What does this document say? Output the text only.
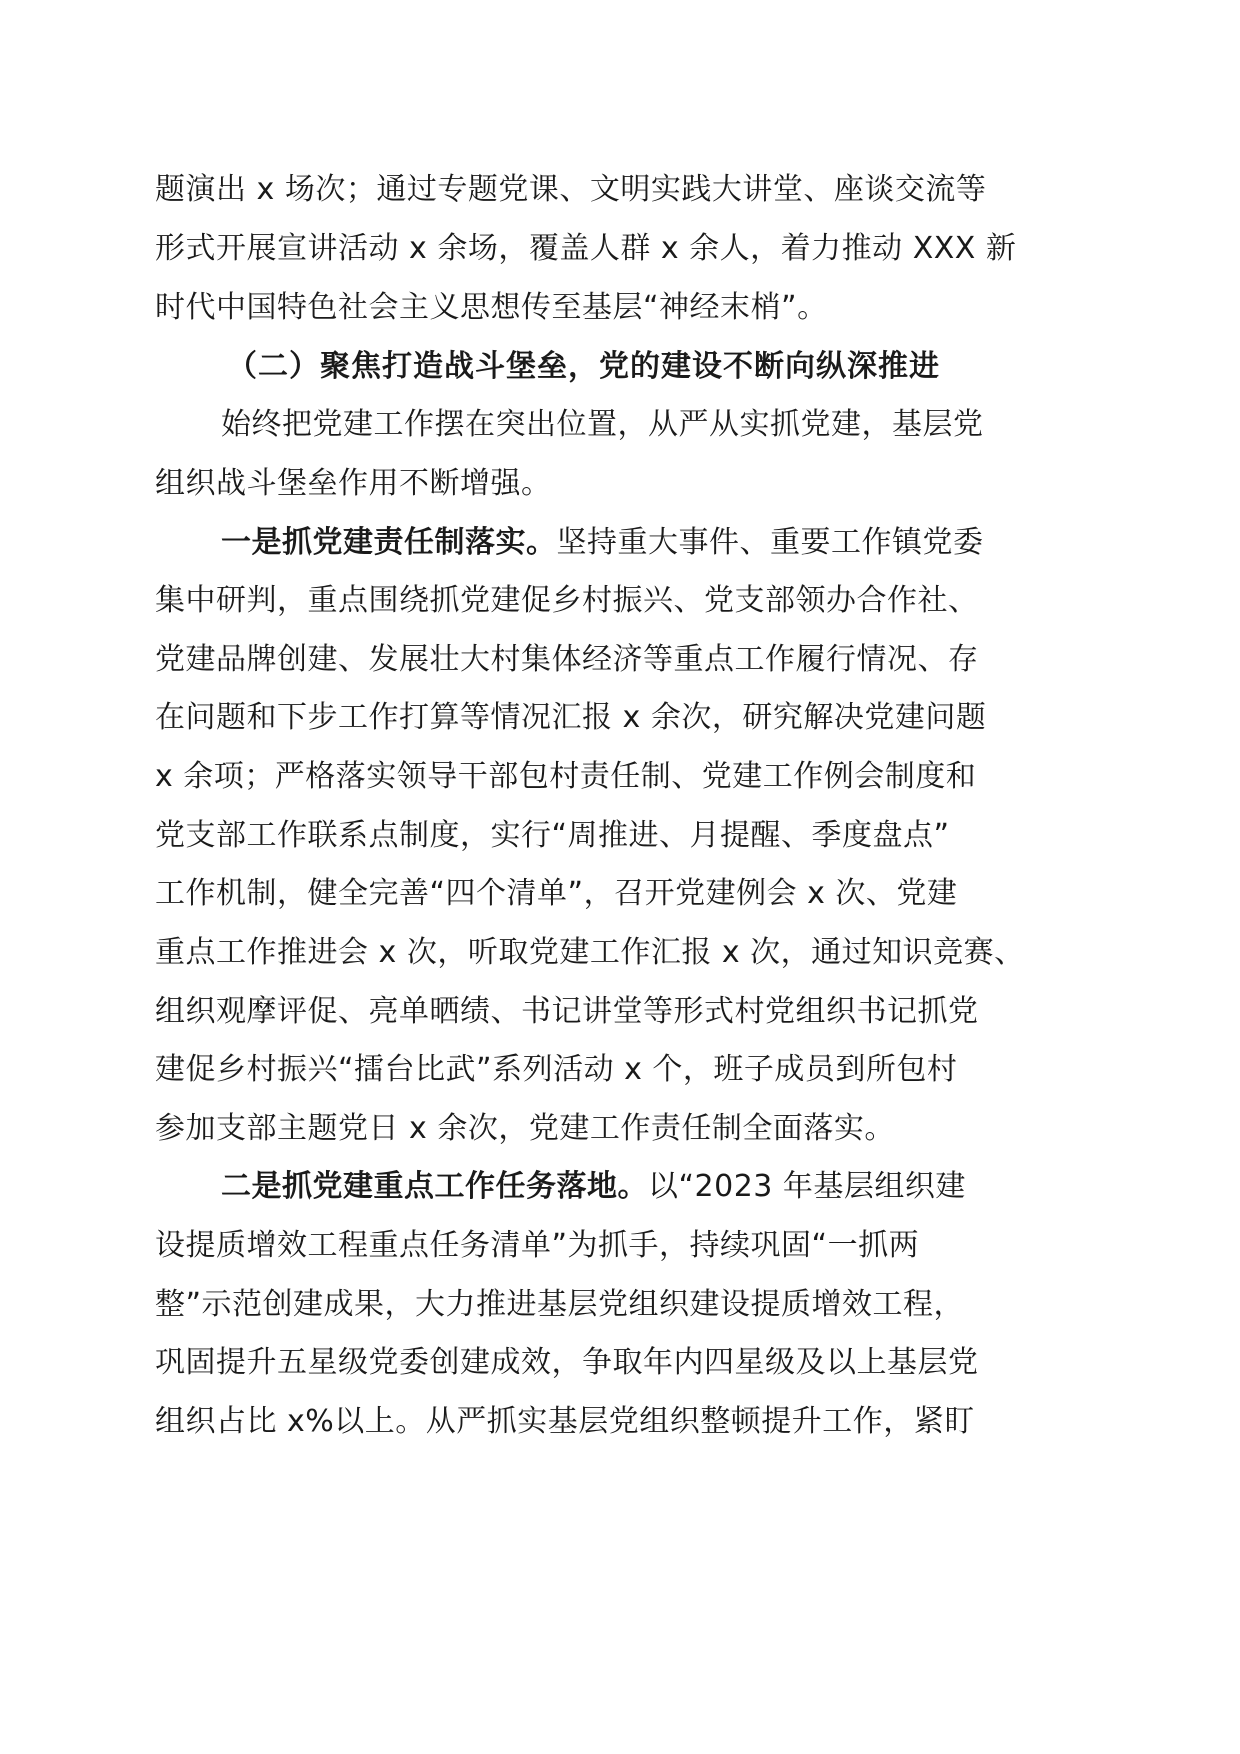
题演出 x 场次；通过专题党课、文明实践大讲堂、座谈交流等
形式开展宣讲活动 x 余场，覆盖人群 x 余人，着力推动 XXX 新
时代中国特色社会主义思想传至基层“神经末梢”。
（二）聚焦打造战斗堡垒，党的建设不断向纵深推进
始终把党建工作摆在突出位置，从严从实抓党建，基层党
组织战斗堡垒作用不断增强。
一是抓党建责任制落实。坚持重大事件、重要工作镇党委
集中研判，重点围绕抓党建促乡村振兴、党支部领办合作社、
党建品牌创建、发展壮大村集体经济等重点工作履行情况、存
在问题和下步工作打算等情况汇报 x 余次，研究解决党建问题
x 余项；严格落实领导干部包村责任制、党建工作例会制度和
党支部工作联系点制度，实行“周推进、月提醒、季度盘点”
工作机制，健全完善“四个清单”，召开党建例会 x 次、党建
重点工作推进会 x 次，听取党建工作汇报 x 次，通过知识竞赛、
组织观摩评促、亮单晒绩、书记讲堂等形式村党组织书记抓党
建促乡村振兴“擂台比武”系列活动 x 个，班子成员到所包村
参加支部主题党日 x 余次，党建工作责任制全面落实。
二是抓党建重点工作任务落地。以“2023 年基层组织建
设提质增效工程重点任务清单”为抓手，持续巩固“一抓两
整”示范创建成果，大力推进基层党组织建设提质增效工程，
巩固提升五星级党委创建成效，争取年内四星级及以上基层党
组织占比 x%以上。从严抓实基层党组织整顿提升工作，紧盯
